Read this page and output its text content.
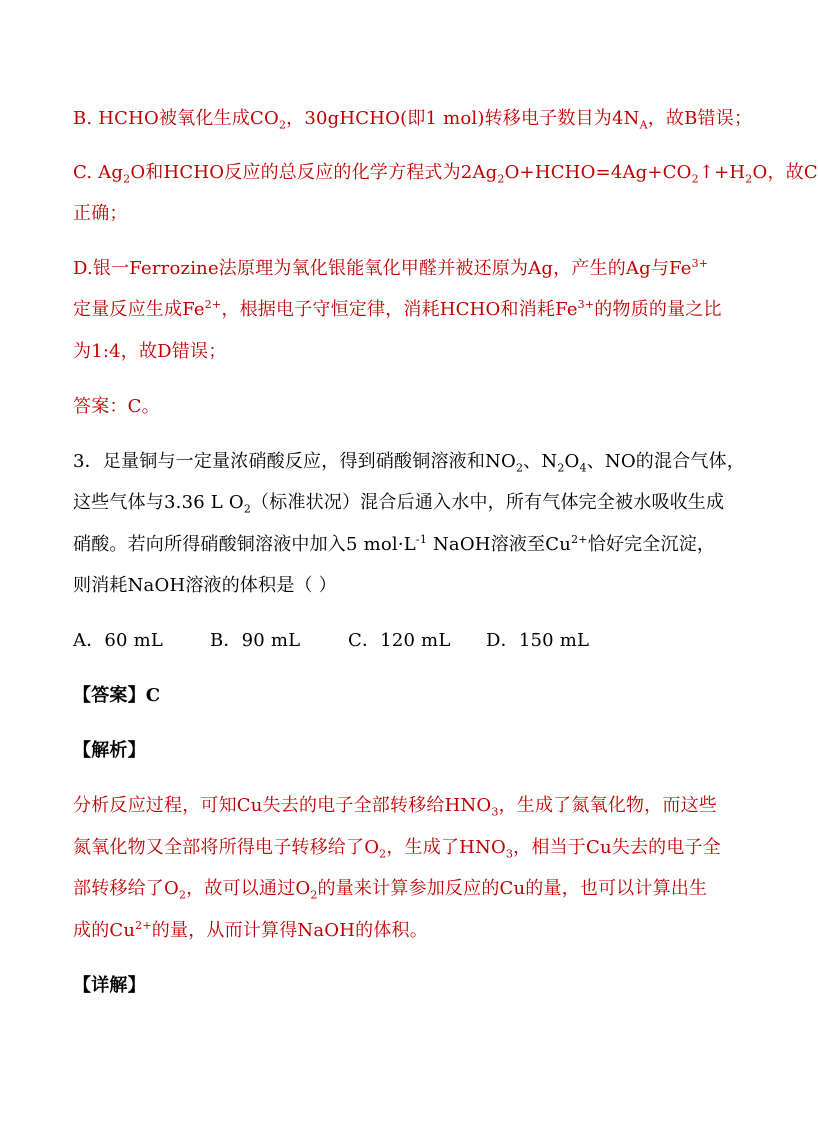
B. HCHO被氧化生成$CO_2$，30gHCHO(即1 mol)转移电子数目为$4N_A$，故B错误；
C. $Ag_2O$和HCHO反应的总反应的化学方程式为$2Ag_2O+HCHO=4Ag+CO_2↑+H_2O$，故C
正确；
D.银一Ferrozine法原理为氧化银能氧化甲醛并被还原为Ag，产生的Ag与$Fe^{3+}$
定量反应生成$Fe^{2+}$，根据电子守恒定律，消耗HCHO和消耗$Fe^{3+}$的物质的量之比
为1:4，故D错误；
答案：C。
3．足量铜与一定量浓硝酸反应，得到硝酸铜溶液和$NO_2$、$N_2O_4$、NO的混合气体，
这些气体与3.36 L $O_2$（标准状况）混合后通入水中，所有气体完全被水吸收生成
硝酸。若向所得硝酸铜溶液中加入5 $mol\cdot L^{-1}$ NaOH溶液至$Cu^{2+}$恰好完全沉淀，
则消耗NaOH溶液的体积是（ ）
A．60 mL	B．90 mL	C．120 mL D．150 mL
【答案】C
【解析】
分析反应过程，可知Cu失去的电子全部转移给$HNO_3$，生成了氮氧化物，而这些
氮氧化物又全部将所得电子转移给了$O_2$，生成了$HNO_3$，相当于Cu失去的电子全
部转移给了$O_2$，故可以通过$O_2$的量来计算参加反应的Cu的量，也可以计算出生
成的$Cu^{2+}$的量，从而计算得NaOH的体积。
【详解】
